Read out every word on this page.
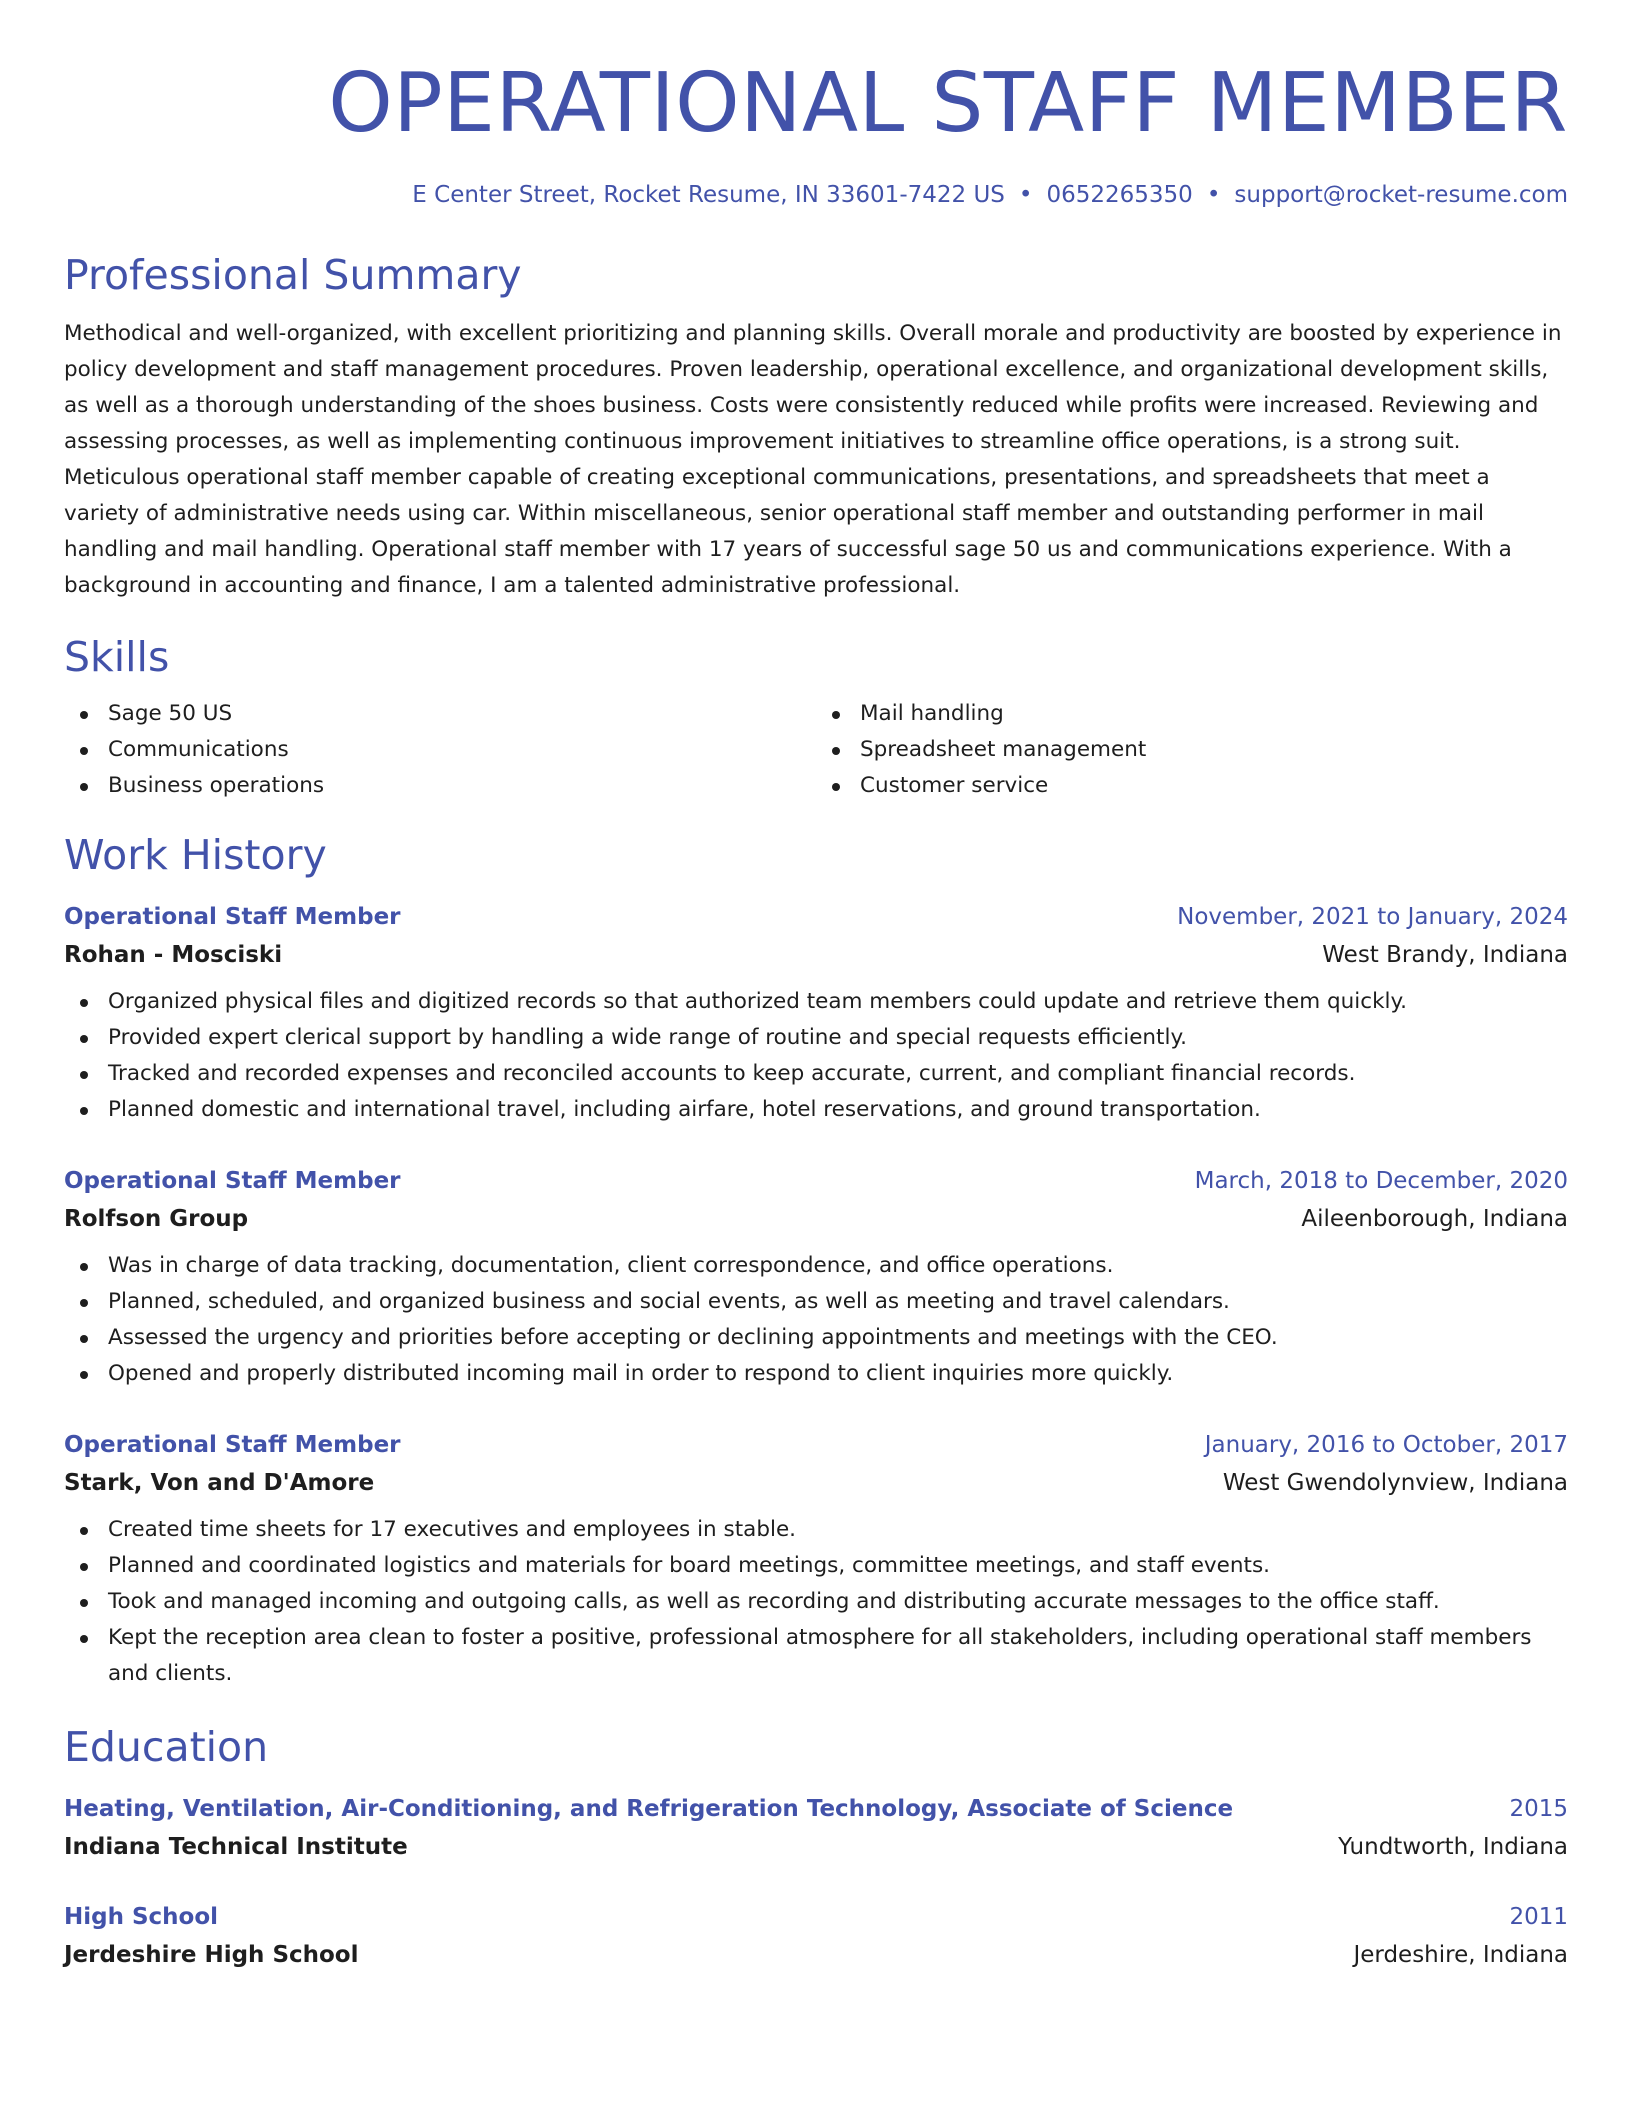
OPERATIONAL STAFF MEMBER
E Center Street, Rocket Resume, IN 33601-7422 US • 0652265350 • support@rocket-resume.com
Professional Summary

Methodical and well-organized, with excellent prioritizing and planning skills. Overall morale and productivity are boosted by experience in policy development and staff management procedures. Proven leadership, operational excellence, and organizational development skills, as well as a thorough understanding of the shoes business. Costs were consistently reduced while profits were increased. Reviewing and assessing processes, as well as implementing continuous improvement initiatives to streamline office operations, is a strong suit. Meticulous operational staff member capable of creating exceptional communications, presentations, and spreadsheets that meet a variety of administrative needs using car. Within miscellaneous, senior operational staff member and outstanding performer in mail handling and mail handling. Operational staff member with 17 years of successful sage 50 us and communications experience. With a background in accounting and finance, I am a talented administrative professional.

Skills
Sage 50 US
Communications
Business operations
Mail handling
Spreadsheet management
Customer service
Work History
Operational Staff Member	November, 2021 to January, 2024
Rohan - Mosciski	West Brandy, Indiana
Organized physical files and digitized records so that authorized team members could update and retrieve them quickly.
Provided expert clerical support by handling a wide range of routine and special requests efficiently.
Tracked and recorded expenses and reconciled accounts to keep accurate, current, and compliant financial records.
Planned domestic and international travel, including airfare, hotel reservations, and ground transportation.
Operational Staff Member	March, 2018 to December, 2020
Rolfson Group	Aileenborough, Indiana
Was in charge of data tracking, documentation, client correspondence, and office operations.
Planned, scheduled, and organized business and social events, as well as meeting and travel calendars.
Assessed the urgency and priorities before accepting or declining appointments and meetings with the CEO.
Opened and properly distributed incoming mail in order to respond to client inquiries more quickly.
Operational Staff Member	January, 2016 to October, 2017
Stark, Von and D'Amore	West Gwendolynview, Indiana
Created time sheets for 17 executives and employees in stable.
Planned and coordinated logistics and materials for board meetings, committee meetings, and staff events.
Took and managed incoming and outgoing calls, as well as recording and distributing accurate messages to the office staff.
Kept the reception area clean to foster a positive, professional atmosphere for all stakeholders, including operational staff members and clients.
Education
Heating, Ventilation, Air-Conditioning, and Refrigeration Technology, Associate of Science	2015
Indiana Technical Institute	Yundtworth, Indiana
High School	2011
Jerdeshire High School	Jerdeshire, Indiana
